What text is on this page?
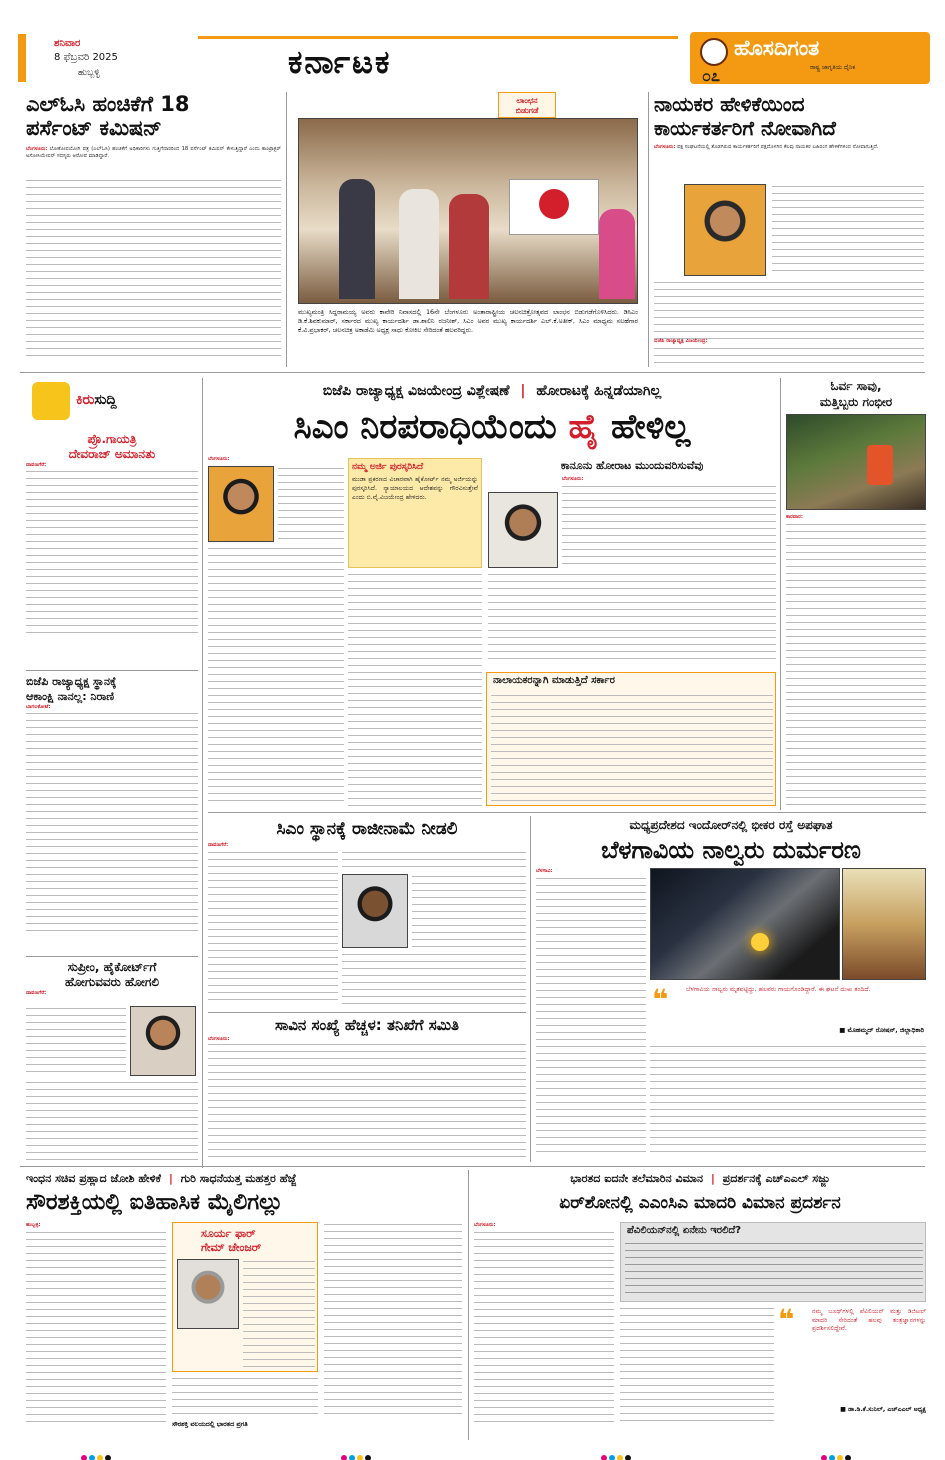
ಶನಿವಾರ
8 ಫೆಬ್ರವರಿ 2025
ಹುಬ್ಬಳ್ಳಿ	ಕರ್ನಾಟಕ	ಹೊಸದಿಗಂತ
ರಾಷ್ಟ್ರ ಜಾಗೃತಿಯ ದೈನಿಕ
೦೭
ಎಲ್‌ಓಸಿ ಹಂಚಿಕೆಗೆ 18
ಪರ್ಸೆಂಟ್ ಕಮಿಷನ್
ಬೆಂಗಳೂರು: ಲೋಕೋಪಯೋಗಿ ಪತ್ರ (ಎಲ್‌ಓಸಿ) ಹಂಚಿಕೆಗೆ ಅಧಿಕಾರಿಗಳು ಗುತ್ತಿಗೆದಾರರಿಂದ 18 ಪರ್ಸೆಂಟ್ ಕಮಿಷನ್ ಕೇಳುತ್ತಿದ್ದಾರೆ ಎಂದು ಕಾಂಟ್ರಾಕ್ಟರ್ ಅಸೋಸಿಯೇಷನ್ ಸದಸ್ಯರು ಆರೋಪ ಮಾಡಿದ್ದಾರೆ.
ಲಾಂಛನ
ಬಿಡುಗಡೆ
ಮುಖ್ಯಮಂತ್ರಿ ಸಿದ್ದರಾಮಯ್ಯ ಅವರು ಕಾವೇರಿ ನಿವಾಸದಲ್ಲಿ 16ನೇ ಬೆಂಗಳೂರು ಅಂತಾರಾಷ್ಟ್ರೀಯ ಚಲನಚಿತ್ರೋತ್ಸವದ ಲಾಂಛನ ಬಿಡುಗಡೆಗೊಳಿಸಿದರು. ಡಿಸಿಎಂ ಡಿ.ಕೆ.ಶಿವಕುಮಾರ್, ಸರ್ಕಾರದ ಮುಖ್ಯ ಕಾರ್ಯದರ್ಶಿ ಡಾ.ಶಾಲಿನಿ ರಜನೀಶ್, ಸಿಎಂ ಅವರ ಮುಖ್ಯ ಕಾರ್ಯದರ್ಶಿ ಎಲ್.ಕೆ.ಅತೀಕ್, ಸಿಎಂ ಮಾಧ್ಯಮ ಸಲಹೆಗಾರ ಕೆ.ವಿ.ಪ್ರಭಾಕರ್, ಚಲನಚಿತ್ರ ಅಕಾಡೆಮಿ ಅಧ್ಯಕ್ಷ ಸಾಧು ಕೋಕಿಲ ಸೇರಿದಂತೆ ಹಲವರಿದ್ದರು.
ನಾಯಕರ ಹೇಳಿಕೆಯಿಂದ
ಕಾರ್ಯಕರ್ತರಿಗೆ ನೋವಾಗಿದೆ
ಬೆಂಗಳೂರು: ಪಕ್ಷ ಸಂಘಟನೆಯಲ್ಲಿ ತೊಡಗಿರುವ ಕಾರ್ಯಕರ್ತರಿಗೆ ಪಕ್ಷದೊಳಗಿನ ಕೆಲವು ನಾಯಕರ ಬಹಿರಂಗ ಹೇಳಿಕೆಗಳಿಂದ ನೋವಾಗುತ್ತಿದೆ.
ಬಿಜೆಪಿ ರಾಜ್ಯಾಧ್ಯಕ್ಷ ವಿಜಯೇಂದ್ರ:
ಕಿರುಸುದ್ದಿ
ಪ್ರೊ.ಗಾಯತ್ರಿ
ದೇವರಾಜ್ ಅಮಾನತು
ದಾವಣಗೆರೆ:
ಬಿಜೆಪಿ ರಾಜ್ಯಾಧ್ಯಕ್ಷ ಸ್ಥಾನಕ್ಕೆ
ಆಕಾಂಕ್ಷಿ ನಾನಲ್ಲ: ನಿರಾಣಿ
ಬಾಗಲಕೋಟೆ:
ಸುಪ್ರೀಂ, ಹೈಕೋರ್ಟ್‌ಗೆ
ಹೋಗುವವರು ಹೋಗಲಿ
ದಾವಣಗೆರೆ:
ಬಿಜೆಪಿ ರಾಜ್ಯಾಧ್ಯಕ್ಷ ವಿಜಯೇಂದ್ರ ವಿಶ್ಲೇಷಣೆ | ಹೋರಾಟಕ್ಕೆ ಹಿನ್ನಡೆಯಾಗಿಲ್ಲ
ಸಿಎಂ ನಿರಪರಾಧಿಯೆಂದು ಹೈ ಹೇಳಿಲ್ಲ
ಬೆಂಗಳೂರು:
ನಮ್ಮ ಅರ್ಜಿ ಪುರಸ್ಕರಿಸಿದೆ
ಮುಡಾ ಪ್ರಕರಣದ ವಿಚಾರವಾಗಿ ಹೈಕೋರ್ಟ್ ನಮ್ಮ ಅರ್ಜಿಯನ್ನು ಪುರಸ್ಕರಿಸಿದೆ. ನ್ಯಾಯಾಲಯದ ಆದೇಶವನ್ನು ಗೌರವಿಸುತ್ತೇವೆ ಎಂದು ಬಿ.ವೈ.ವಿಜಯೇಂದ್ರ ಹೇಳಿದರು.
ಕಾನೂನು ಹೋರಾಟ ಮುಂದುವರಿಸುವೆವು
ಬೆಂಗಳೂರು:
ನಾಲಾಯಕರನ್ನಾಗಿ ಮಾಡುತ್ತಿದೆ ಸರ್ಕಾರ
ಓರ್ವ ಸಾವು,
ಮತ್ತಿಬ್ಬರು ಗಂಭೀರ
ಕಾರವಾರ:
ಸಿಎಂ ಸ್ಥಾನಕ್ಕೆ ರಾಜೀನಾಮೆ ನೀಡಲಿ
ದಾವಣಗೆರೆ:
ಸಾವಿನ ಸಂಖ್ಯೆ ಹೆಚ್ಚಳ: ತನಿಖೆಗೆ ಸಮಿತಿ
ಬೆಂಗಳೂರು:
ಮಧ್ಯಪ್ರದೇಶದ ಇಂದೋರ್‌ನಲ್ಲಿ ಭೀಕರ ರಸ್ತೆ ಅಪಘಾತ
ಬೆಳಗಾವಿಯ ನಾಲ್ವರು ದುರ್ಮರಣ
ಬೆಳಗಾವಿ:
❝	ಬೆಳಗಾವಿಯ ನಾಲ್ವರು ಮೃತಪಟ್ಟಿದ್ದು, ಹಲವರು ಗಾಯಗೊಂಡಿದ್ದಾರೆ. ಈ ಘಟನೆ ದುಃಖ ತಂದಿದೆ.
■ ಮೊಹಮ್ಮದ್ ರೋಷನ್, ಜಿಲ್ಲಾಧಿಕಾರಿ
ಇಂಧನ ಸಚಿವ ಪ್ರಹ್ಲಾದ ಜೋಶಿ ಹೇಳಿಕೆ | ಗುರಿ ಸಾಧನೆಯತ್ತ ಮಹತ್ತರ ಹೆಜ್ಜೆ
ಸೌರಶಕ್ತಿಯಲ್ಲಿ ಐತಿಹಾಸಿಕ ಮೈಲಿಗಲ್ಲು
ಹುಬ್ಬಳ್ಳಿ:
ಸೂರ್ಯ ಫಾರ್
ಗೇಮ್ ಚೇಂಜರ್
ಸೌರಶಕ್ತಿ ವಲಯದಲ್ಲಿ ಭಾರತದ ಪ್ರಗತಿ
ಭಾರತದ ಐದನೇ ತಲೆಮಾರಿನ ವಿಮಾನ | ಪ್ರದರ್ಶನಕ್ಕೆ ಎಚ್‌ಎಎಲ್ ಸಜ್ಜು
ಏರ್‌ಶೋನಲ್ಲಿ ಎಎಂಸಿಎ ಮಾದರಿ ವಿಮಾನ ಪ್ರದರ್ಶನ
ಬೆಂಗಳೂರು:	ಪೆವಿಲಿಯನ್‌ನಲ್ಲಿ ಏನೇನು ಇರಲಿದೆ?
❝	ನಮ್ಮ ಬೂಥ್‌ಗಳಲ್ಲಿ ಪೆವಿಲಿಯನ್ ಮತ್ತು ಡಿಜಿಟಲ್ ಮಾದರಿ ಸೇರಿದಂತೆ ಹಲವು ತಂತ್ರಜ್ಞಾನಗಳನ್ನು ಪ್ರದರ್ಶಿಸಲಿದ್ದೇವೆ.
■ ಡಾ.ಡಿ.ಕೆ.ಸುನಿಲ್, ಎಚ್‌ಎಎಲ್ ಅಧ್ಯಕ್ಷ
